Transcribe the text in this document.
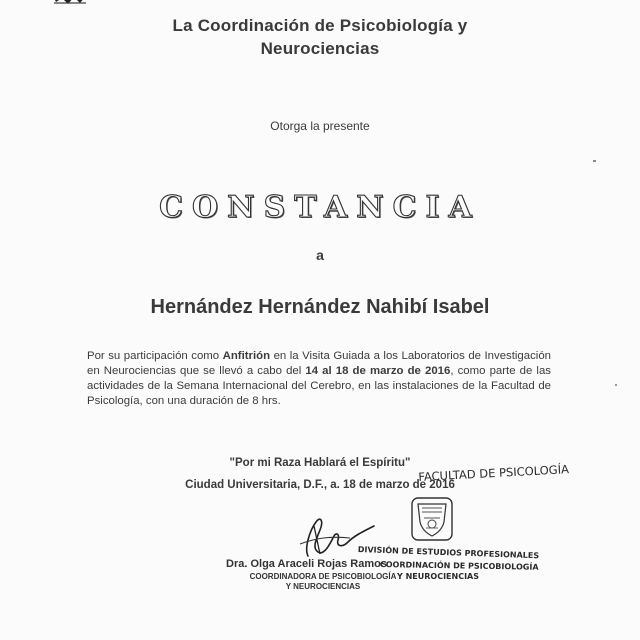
La Coordinación de Psicobiología y
Neurociencias
Otorga la presente
CONSTANCIA
a
Hernández Hernández Nahibí Isabel
Por su participación como Anfitrión en la Visita Guiada a los Laboratorios de Investigación en Neurociencias que se llevó a cabo del 14 al 18 de marzo de 2016, como parte de las actividades de la Semana Internacional del Cerebro, en las instalaciones de la Facultad de Psicología, con una duración de 8 hrs.
"Por mi Raza Hablará el Espíritu"
Ciudad Universitaria, D.F., a. 18 de marzo de 2016
FACULTAD DE PSICOLOGÍA
DIVISIÓN DE ESTUDIOS PROFESIONALES
COORDINACIÓN DE PSICOBIOLOGÍA
Y NEUROCIENCIAS
Dra. Olga Araceli Rojas Ramos
COORDINADORA DE PSICOBIOLOGÍA
Y NEUROCIENCIAS
